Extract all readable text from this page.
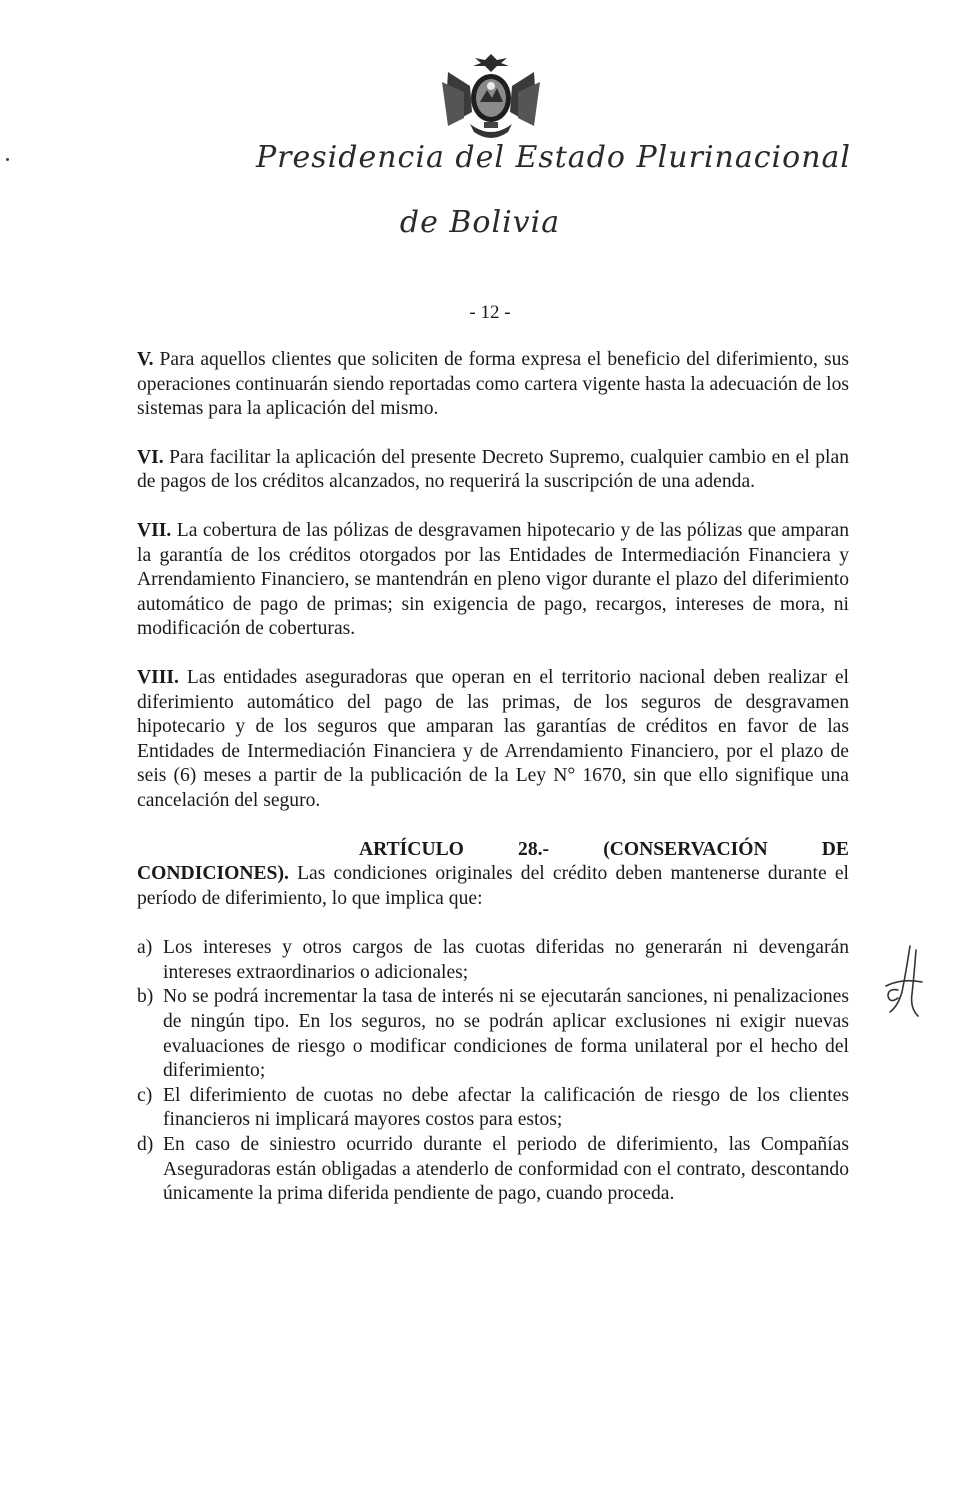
Presidencia del Estado Plurinacional
de Bolivia
- 12 -

V. Para aquellos clientes que soliciten de forma expresa el beneficio del diferimiento, sus operaciones continuarán siendo reportadas como cartera vigente hasta la adecuación de los sistemas para la aplicación del mismo.

VI. Para facilitar la aplicación del presente Decreto Supremo, cualquier cambio en el plan de pagos de los créditos alcanzados, no requerirá la suscripción de una adenda.

VII. La cobertura de las pólizas de desgravamen hipotecario y de las pólizas que amparan la garantía de los créditos otorgados por las Entidades de Intermediación Financiera y Arrendamiento Financiero, se mantendrán en pleno vigor durante el plazo del diferimiento automático de pago de primas; sin exigencia de pago, recargos, intereses de mora, ni modificación de coberturas.

VIII. Las entidades aseguradoras que operan en el territorio nacional deben realizar el diferimiento automático del pago de las primas, de los seguros de desgravamen hipotecario y de los seguros que amparan las garantías de créditos en favor de las Entidades de Intermediación Financiera y de Arrendamiento Financiero, por el plazo de seis (6) meses a partir de la publicación de la Ley N° 1670, sin que ello signifique una cancelación del seguro.

ARTÍCULO	28.-	(CONSERVACIÓN	DE
CONDICIONES). Las condiciones originales del crédito deben mantenerse durante el período de diferimiento, lo que implica que:
a) Los intereses y otros cargos de las cuotas diferidas no generarán ni devengarán intereses extraordinarios o adicionales;
b) No se podrá incrementar la tasa de interés ni se ejecutarán sanciones, ni penalizaciones de ningún tipo. En los seguros, no se podrán aplicar exclusiones ni exigir nuevas evaluaciones de riesgo o modificar condiciones de forma unilateral por el hecho del diferimiento;
c) El diferimiento de cuotas no debe afectar la calificación de riesgo de los clientes financieros ni implicará mayores costos para estos;
d) En caso de siniestro ocurrido durante el periodo de diferimiento, las Compañías Aseguradoras están obligadas a atenderlo de conformidad con el contrato, descontando únicamente la prima diferida pendiente de pago, cuando proceda.
